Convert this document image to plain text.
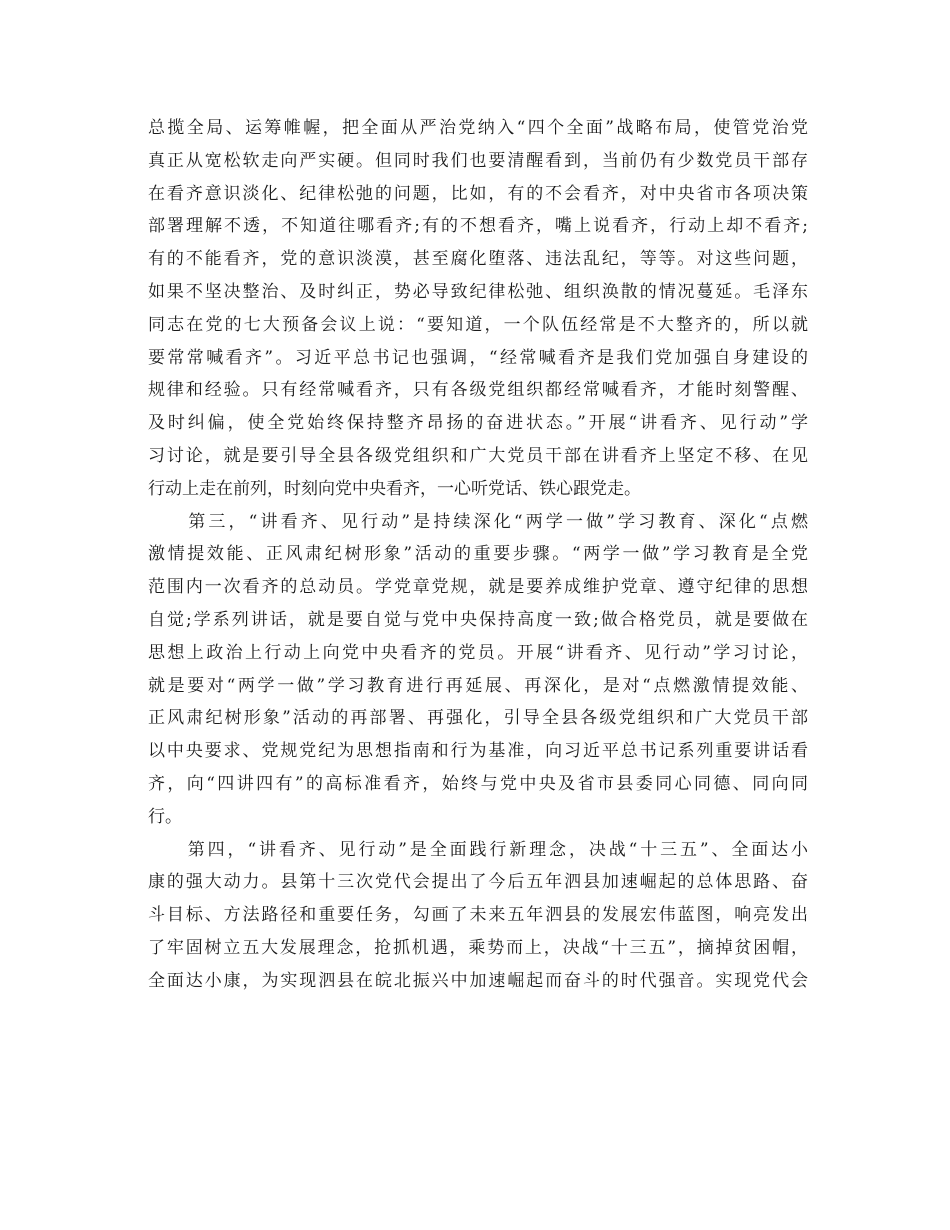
总揽全局、运筹帷幄，把全面从严治党纳入“四个全面”战略布局，使管党治党
真正从宽松软走向严实硬。但同时我们也要清醒看到，当前仍有少数党员干部存
在看齐意识淡化、纪律松弛的问题，比如，有的不会看齐，对中央省市各项决策
部署理解不透，不知道往哪看齐;有的不想看齐，嘴上说看齐，行动上却不看齐;
有的不能看齐，党的意识淡漠，甚至腐化堕落、违法乱纪，等等。对这些问题，
如果不坚决整治、及时纠正，势必导致纪律松弛、组织涣散的情况蔓延。毛泽东
同志在党的七大预备会议上说：“要知道，一个队伍经常是不大整齐的，所以就
要常常喊看齐”。习近平总书记也强调，“经常喊看齐是我们党加强自身建设的
规律和经验。只有经常喊看齐，只有各级党组织都经常喊看齐，才能时刻警醒、
及时纠偏，使全党始终保持整齐昂扬的奋进状态。”开展“讲看齐、见行动”学
习讨论，就是要引导全县各级党组织和广大党员干部在讲看齐上坚定不移、在见
行动上走在前列，时刻向党中央看齐，一心听党话、铁心跟党走。
　　第三，“讲看齐、见行动”是持续深化“两学一做”学习教育、深化“点燃
激情提效能、正风肃纪树形象”活动的重要步骤。“两学一做”学习教育是全党
范围内一次看齐的总动员。学党章党规，就是要养成维护党章、遵守纪律的思想
自觉;学系列讲话，就是要自觉与党中央保持高度一致;做合格党员，就是要做在
思想上政治上行动上向党中央看齐的党员。开展“讲看齐、见行动”学习讨论，
就是要对“两学一做”学习教育进行再延展、再深化，是对“点燃激情提效能、
正风肃纪树形象”活动的再部署、再强化，引导全县各级党组织和广大党员干部
以中央要求、党规党纪为思想指南和行为基准，向习近平总书记系列重要讲话看
齐，向“四讲四有”的高标准看齐，始终与党中央及省市县委同心同德、同向同
行。
　　第四，“讲看齐、见行动”是全面践行新理念，决战“十三五”、全面达小
康的强大动力。县第十三次党代会提出了今后五年泗县加速崛起的总体思路、奋
斗目标、方法路径和重要任务，勾画了未来五年泗县的发展宏伟蓝图，响亮发出
了牢固树立五大发展理念，抢抓机遇，乘势而上，决战“十三五”，摘掉贫困帽，
全面达小康，为实现泗县在皖北振兴中加速崛起而奋斗的时代强音。实现党代会
